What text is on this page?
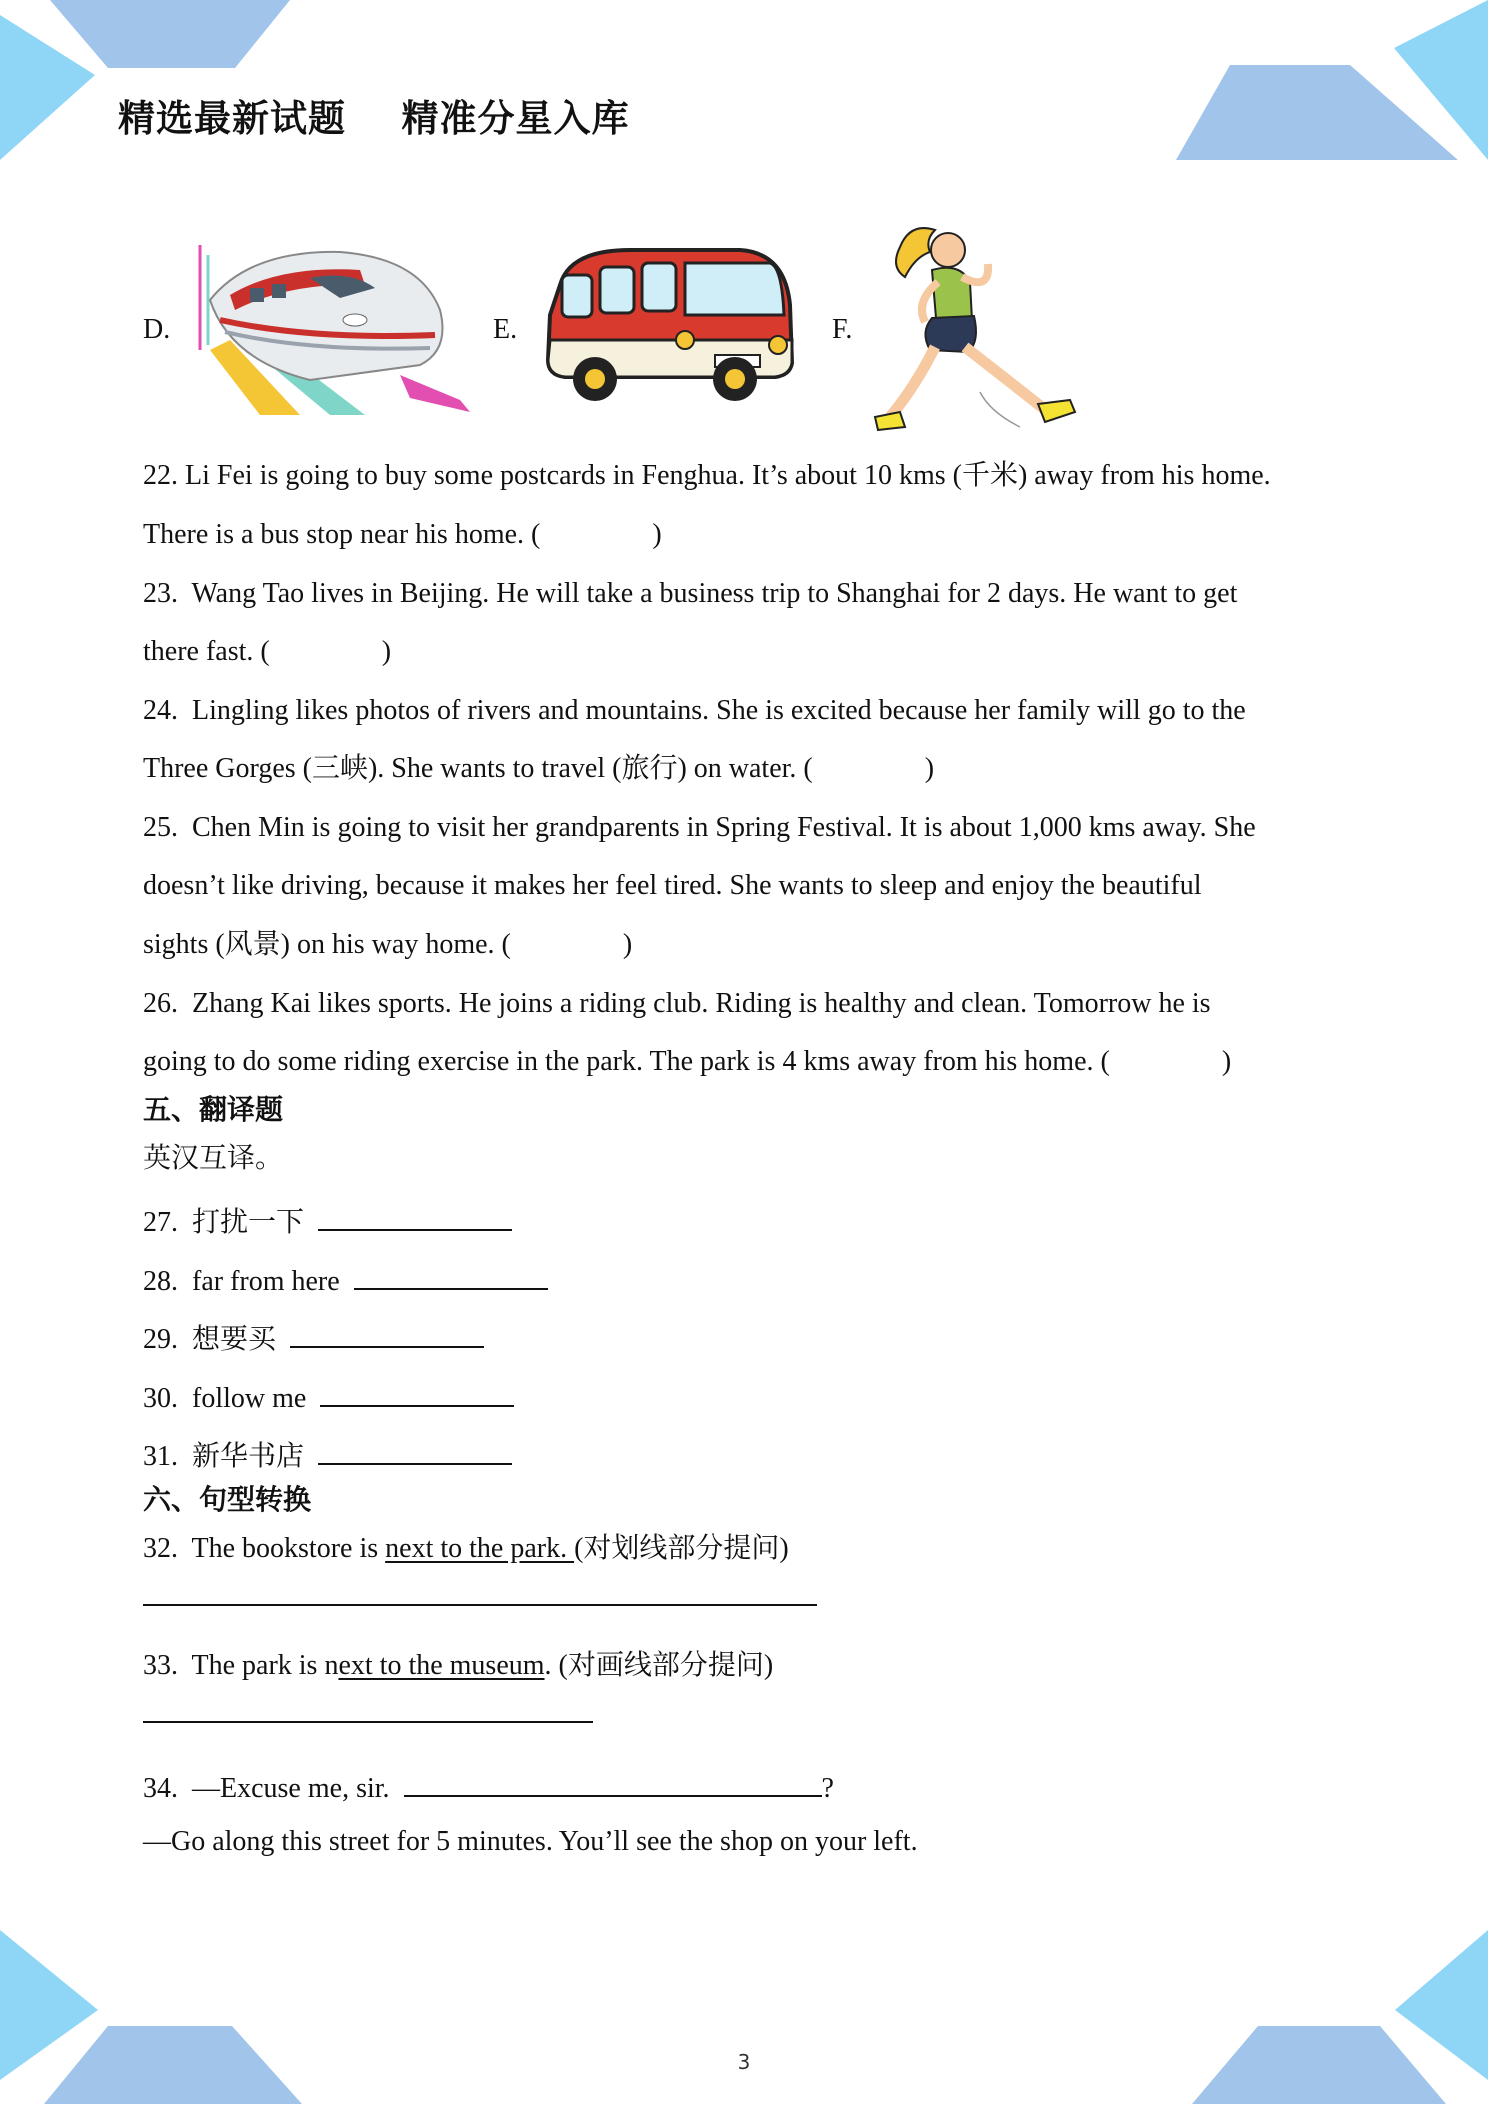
精选最新试题    精准分星入库
D.	E.	F.
22. Li Fei is going to buy some postcards in Fenghua. It’s about 10 kms (千米) away from his home.
There is a bus stop near his home. (	)
23.  Wang Tao lives in Beijing. He will take a business trip to Shanghai for 2 days. He want to get
there fast. (	)
24.  Lingling likes photos of rivers and mountains. She is excited because her family will go to the
Three Gorges (三峡). She wants to travel (旅行) on water. (	)
25.  Chen Min is going to visit her grandparents in Spring Festival. It is about 1,000 kms away. She
doesn’t like driving, because it makes her feel tired. She wants to sleep and enjoy the beautiful
sights (风景) on his way home. (	)
26.  Zhang Kai likes sports. He joins a riding club. Riding is healthy and clean. Tomorrow he is
going to do some riding exercise in the park. The park is 4 kms away from his home. (	)
五、翻译题
英汉互译。
27.  打扰一下
28.  far from here
29.  想要买
30.  follow me
31.  新华书店
六、句型转换
32.  The bookstore is next to the park. (对划线部分提问)
33.  The park is next to the museum. (对画线部分提问)
34.  —Excuse me, sir.	?
—Go along this street for 5 minutes. You’ll see the shop on your left.
3
